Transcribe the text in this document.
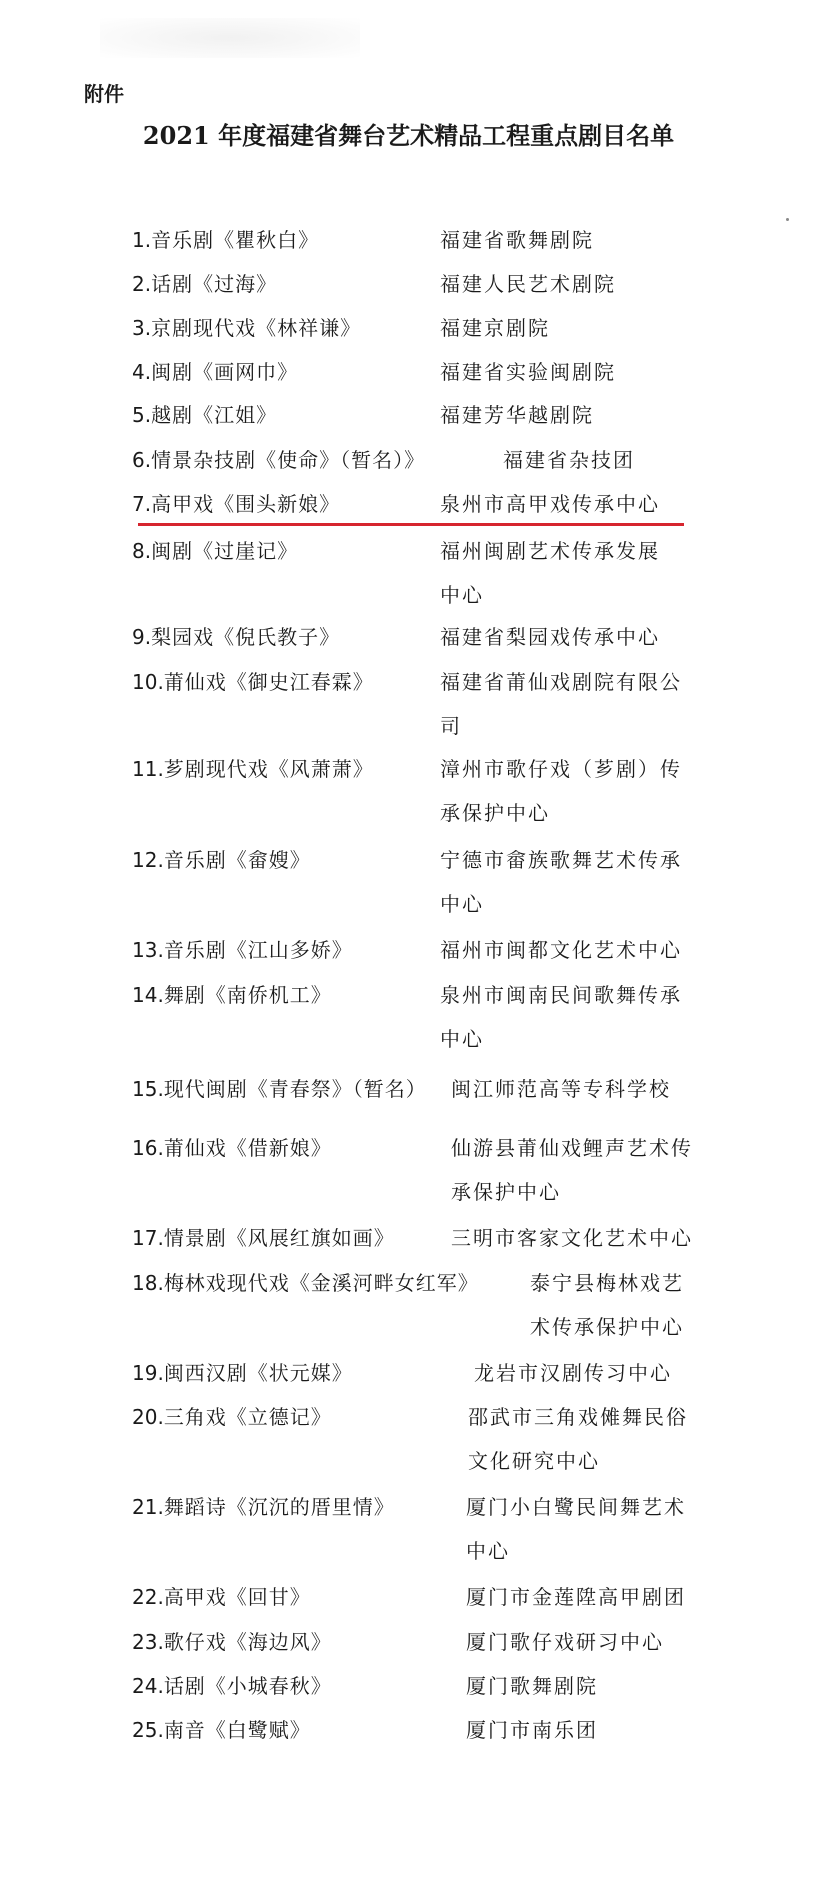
附件
2021 年度福建省舞台艺术精品工程重点剧目名单
1.音乐剧《瞿秋白》	福建省歌舞剧院
2.话剧《过海》	福建人民艺术剧院
3.京剧现代戏《林祥谦》	福建京剧院
4.闽剧《画网巾》	福建省实验闽剧院
5.越剧《江姐》	福建芳华越剧院
6.情景杂技剧《使命》（暂名）》	福建省杂技团
7.高甲戏《围头新娘》	泉州市高甲戏传承中心
8.闽剧《过崖记》	福州闽剧艺术传承发展
中心
9.梨园戏《倪氏教子》	福建省梨园戏传承中心
10.莆仙戏《御史江春霖》	福建省莆仙戏剧院有限公
司
11.芗剧现代戏《风萧萧》	漳州市歌仔戏（芗剧）传
承保护中心
12.音乐剧《畲嫂》	宁德市畲族歌舞艺术传承
中心
13.音乐剧《江山多娇》	福州市闽都文化艺术中心
14.舞剧《南侨机工》	泉州市闽南民间歌舞传承
中心
15.现代闽剧《青春祭》（暂名） 闽江师范高等专科学校
16.莆仙戏《借新娘》	仙游县莆仙戏鲤声艺术传
承保护中心
17.情景剧《风展红旗如画》	三明市客家文化艺术中心
18.梅林戏现代戏《金溪河畔女红军》	泰宁县梅林戏艺
术传承保护中心
19.闽西汉剧《状元媒》	龙岩市汉剧传习中心
20.三角戏《立德记》	邵武市三角戏傩舞民俗
文化研究中心
21.舞蹈诗《沉沉的厝里情》	厦门小白鹭民间舞艺术
中心
22.高甲戏《回甘》	厦门市金莲陞高甲剧团
23.歌仔戏《海边风》	厦门歌仔戏研习中心
24.话剧《小城春秋》	厦门歌舞剧院
25.南音《白鹭赋》	厦门市南乐团
